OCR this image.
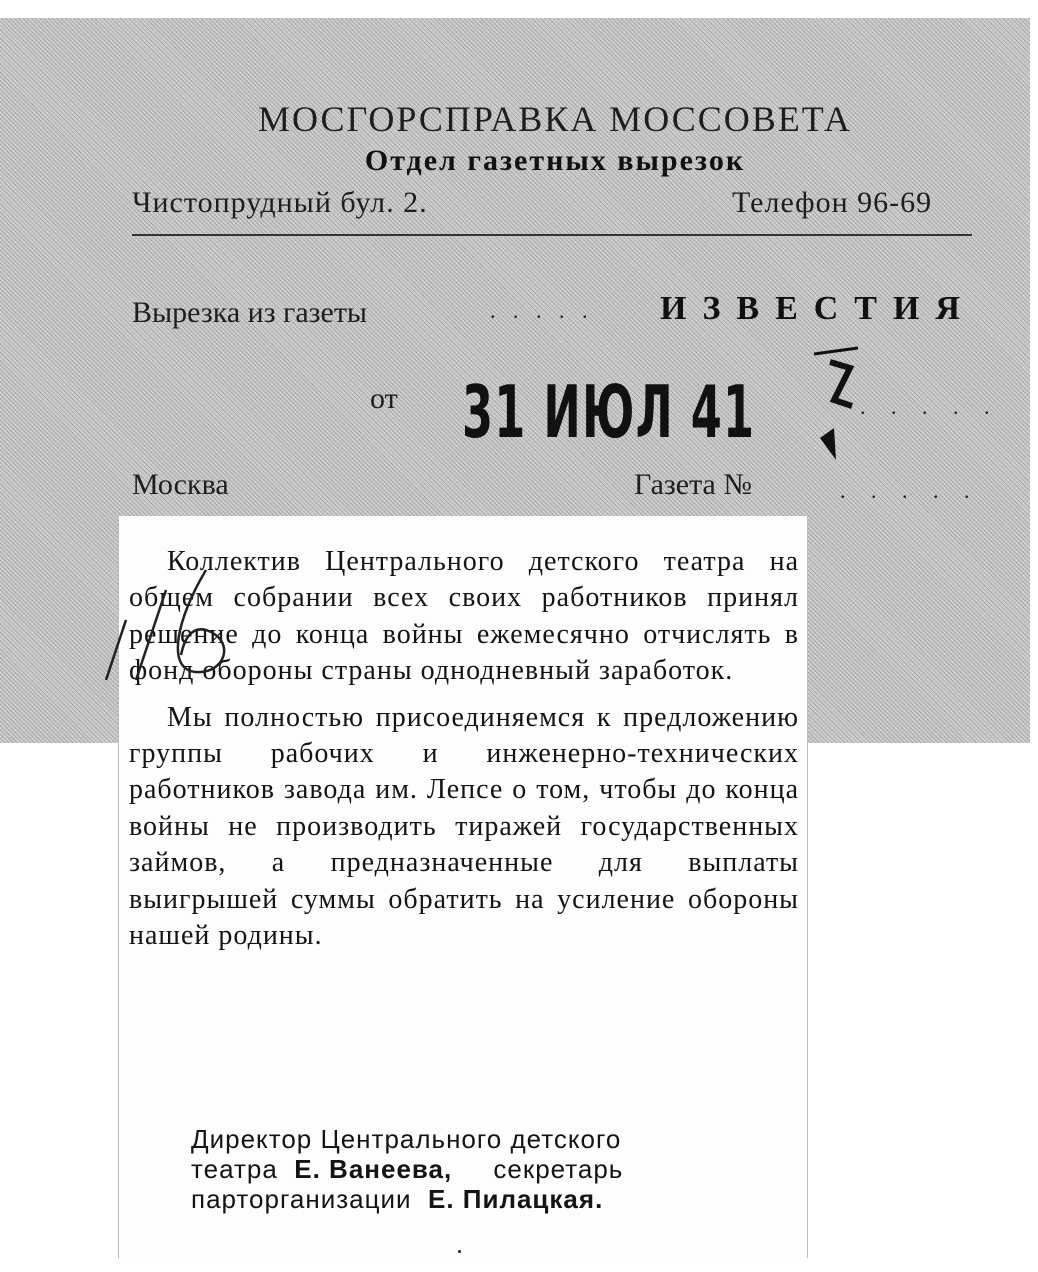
МОСГОРСПРАВКА МОССОВЕТА
Отдел газетных вырезок
Чистопрудный бул. 2.	Телефон 96-69
Вырезка из газеты	. . . . . ИЗВЕСТИЯ
от	. . . . .
Москва	Газета №	. . . . .
31 ИЮЛ 41

Коллектив Центрального детского театра на общем собрании всех своих работников принял решение до конца войны ежемесячно отчислять в фонд обороны страны однодневный заработок.

Мы полностью присоединяемся к предложению группы рабочих и инженерно-технических работников завода им. Лепсе о том, чтобы до конца войны не производить тиражей государственных займов, а предназначенные для выплаты выигрышей суммы обратить на усиление обороны нашей родины.

Директор Центрального детского
театра Е. Ванеева, секретарь
парторганизации Е. Пилацкая.
